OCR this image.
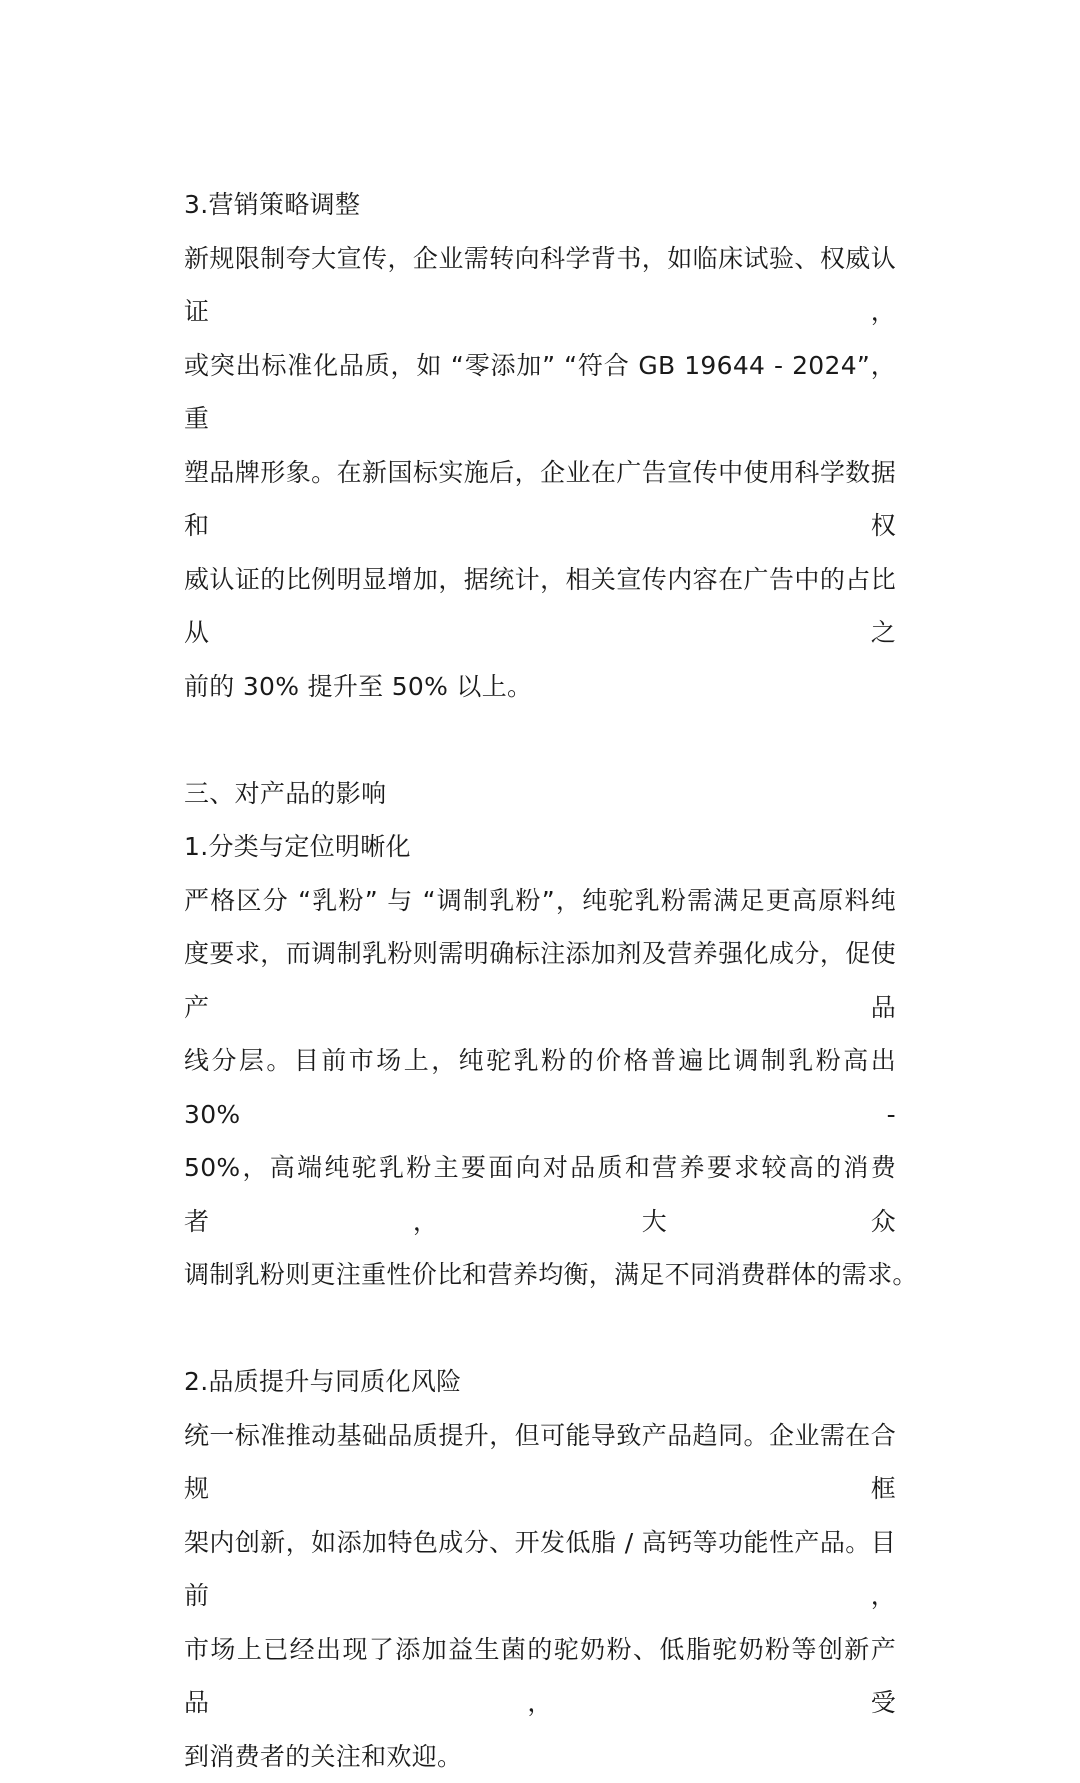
3.营销策略调整
新规限制夸大宣传，企业需转向科学背书，如临床试验、权威认证，
或突出标准化品质，如 “零添加” “符合 GB 19644 - 2024”，重
塑品牌形象。在新国标实施后，企业在广告宣传中使用科学数据和权
威认证的比例明显增加，据统计，相关宣传内容在广告中的占比从之
前的 30% 提升至 50% 以上。
三、对产品的影响
1.分类与定位明晰化
严格区分 “乳粉” 与 “调制乳粉”，纯驼乳粉需满足更高原料纯
度要求，而调制乳粉则需明确标注添加剂及营养强化成分，促使产品
线分层。目前市场上，纯驼乳粉的价格普遍比调制乳粉高出 30% -
50%，高端纯驼乳粉主要面向对品质和营养要求较高的消费者，大众
调制乳粉则更注重性价比和营养均衡，满足不同消费群体的需求。
2.品质提升与同质化风险
统一标准推动基础品质提升，但可能导致产品趋同。企业需在合规框
架内创新，如添加特色成分、开发低脂 / 高钙等功能性产品。目前，
市场上已经出现了添加益生菌的驼奶粉、低脂驼奶粉等创新产品，受
到消费者的关注和欢迎。
